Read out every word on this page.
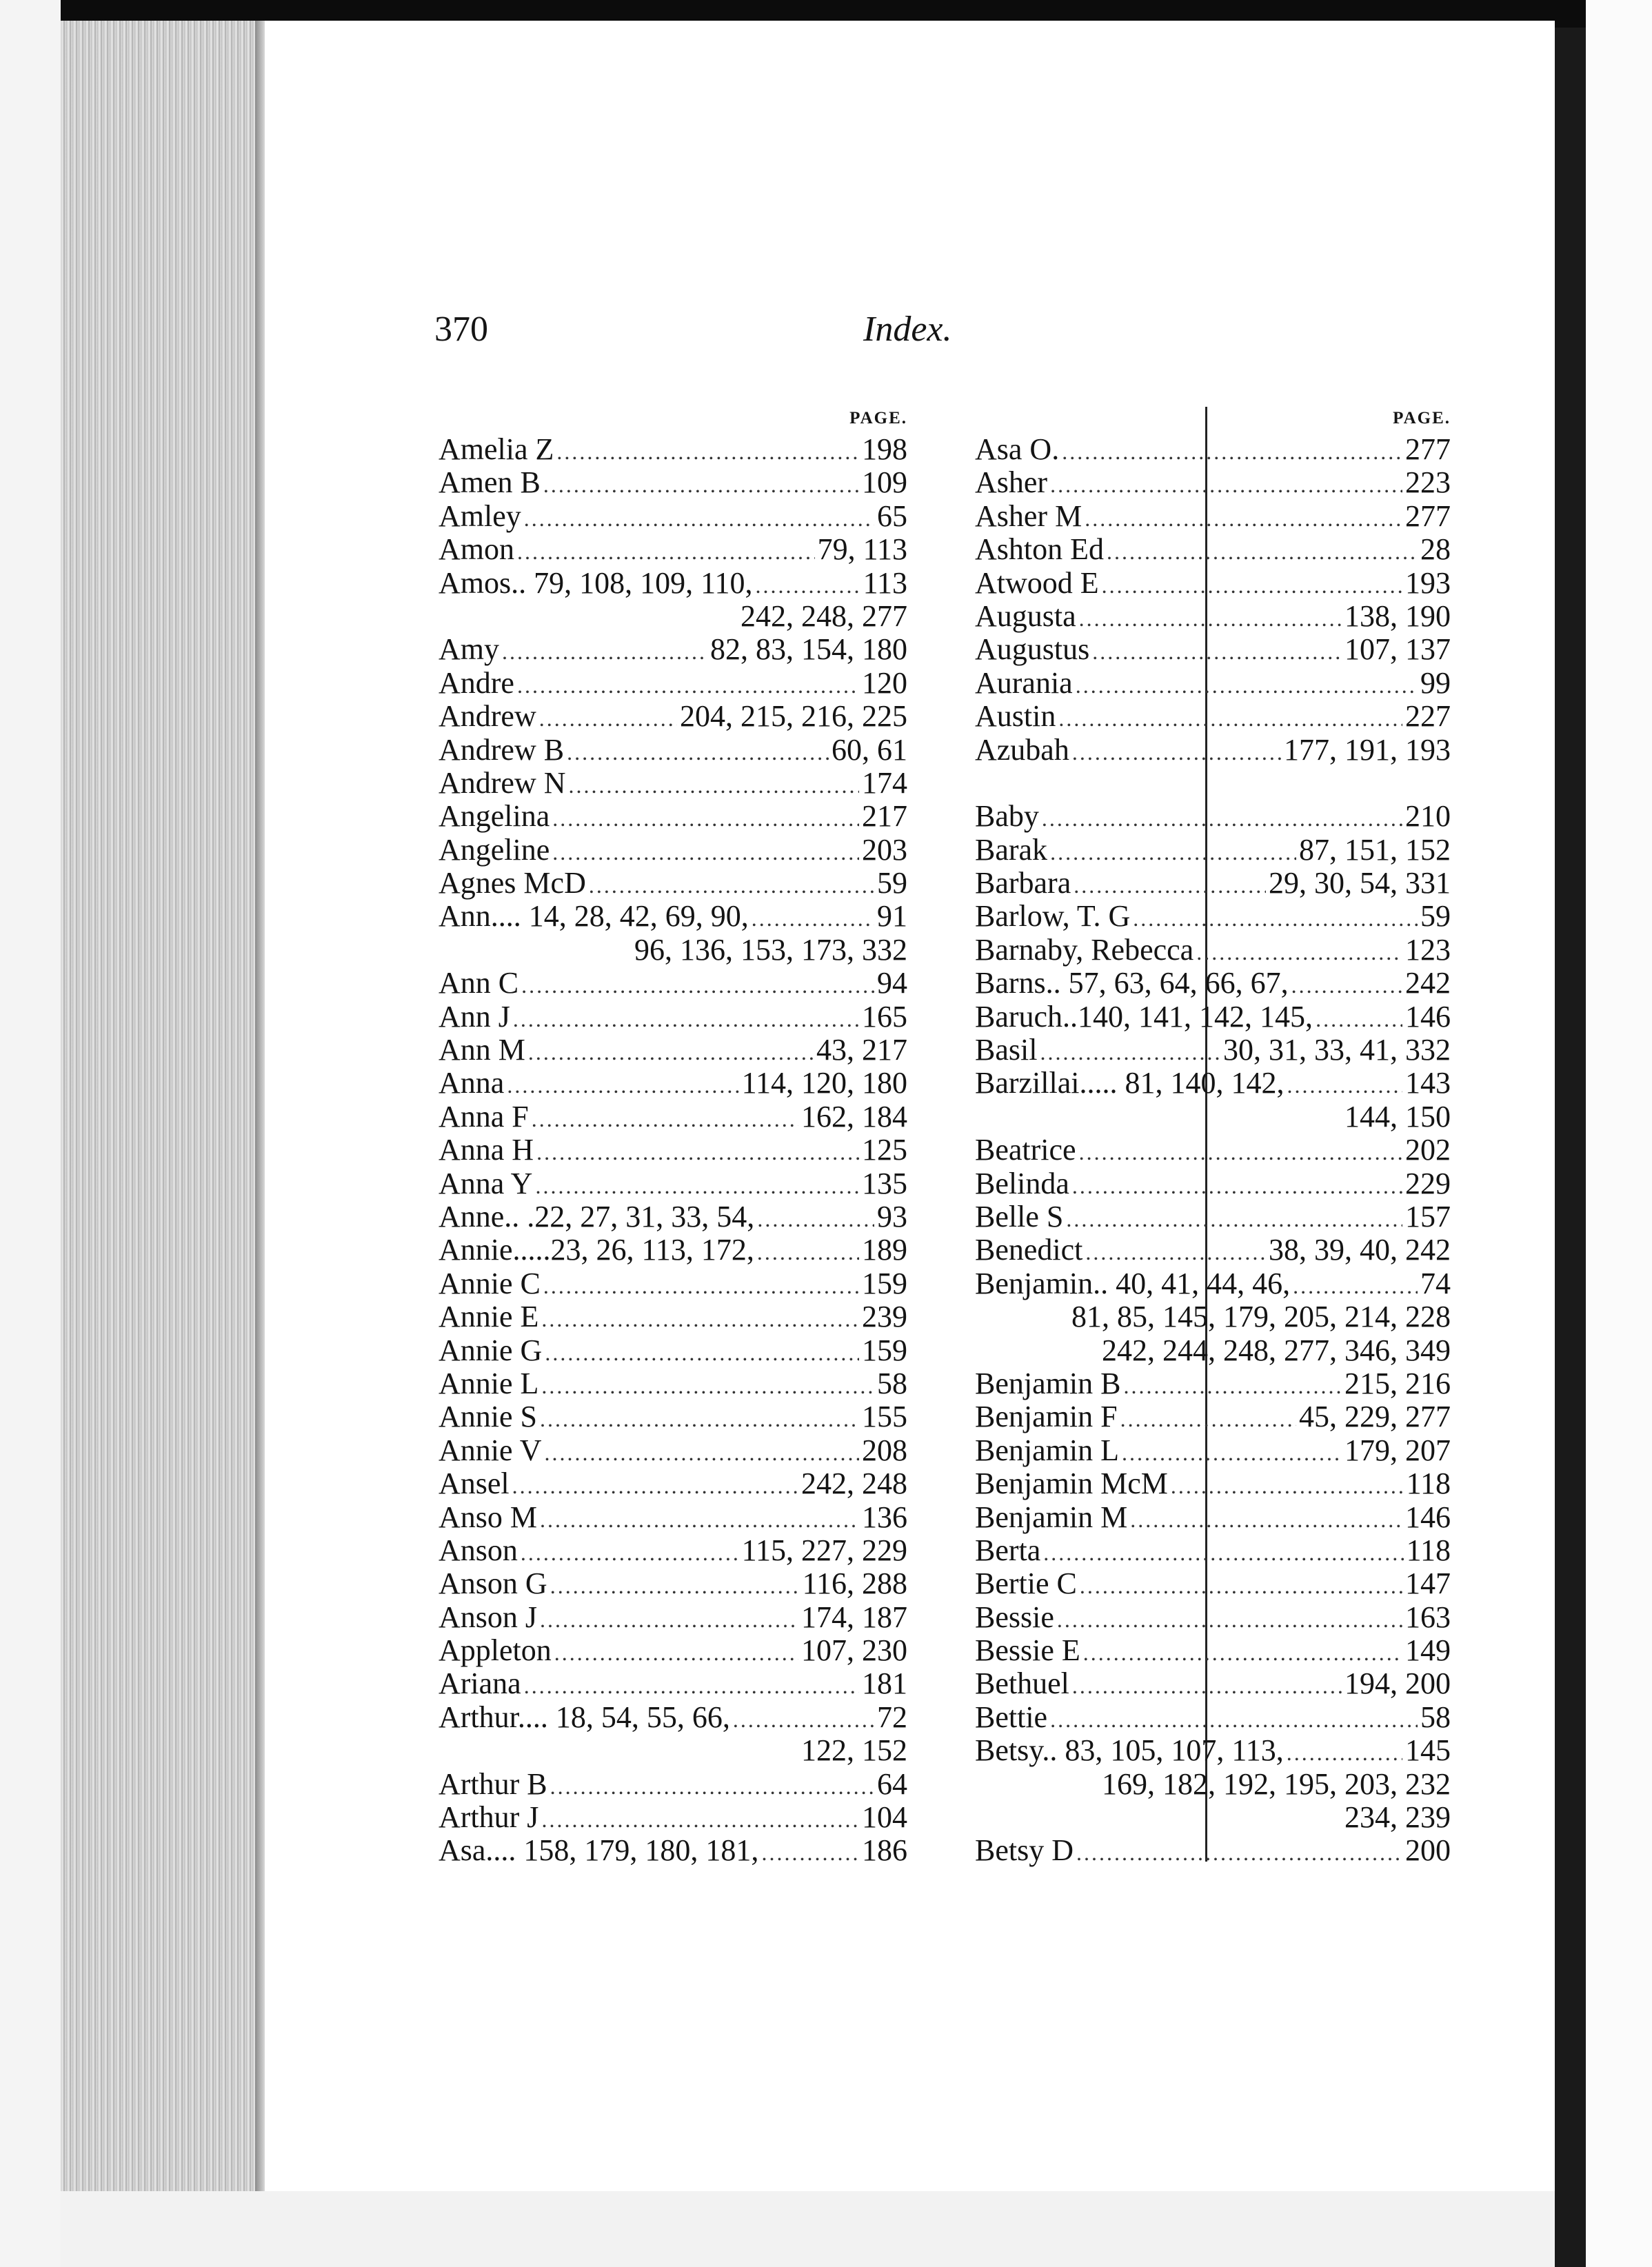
370	Index.
PAGE.
Amelia Z .....	198
Amen B .....	109
Amley .....	65
Amon .....	79, 113
Amos.. 79, 108, 109, 110, .....	113
242, 248, 277
Amy .....	82, 83, 154, 180
Andre .....	120
Andrew .....	204, 215, 216, 225
Andrew B .....	60, 61
Andrew N .....	174
Angelina .....	217
Angeline .....	203
Agnes McD .....	59
Ann.... 14, 28, 42, 69, 90, .....	91
96, 136, 153, 173, 332
Ann C .....	94
Ann J .....	165
Ann M .....	43, 217
Anna .....	114, 120, 180
Anna F .....	162, 184
Anna H .....	125
Anna Y .....	135
Anne.. .22, 27, 31, 33, 54, .....	93
Annie.....23, 26, 113, 172, .....	189
Annie C .....	159
Annie E .....	239
Annie G .....	159
Annie L .....	58
Annie S .....	155
Annie V .....	208
Ansel .....	242, 248
Anso M .....	136
Anson .....	115, 227, 229
Anson G .....	116, 288
Anson J .....	174, 187
Appleton .....	107, 230
Ariana .....	181
Arthur.... 18, 54, 55, 66, .....	72
122, 152
Arthur B .....	64
Arthur J .....	104
Asa.... 158, 179, 180, 181, .....	186
PAGE.
Asa O. .....	277
Asher .....	223
Asher M .....	277
Ashton Ed .....	28
Atwood E .....	193
Augusta .....	138, 190
Augustus .....	107, 137
Aurania .....	99
Austin .....	227
Azubah .....	177, 191, 193
Baby .....	210
Barak .....	87, 151, 152
Barbara .....	29, 30, 54, 331
Barlow, T. G .....	59
Barnaby, Rebecca .....	123
Barns.. 57, 63, 64, 66, 67, .....	242
Baruch..140, 141, 142, 145, .....	146
Basil .....	30, 31, 33, 41, 332
Barzillai..... 81, 140, 142, .....	143
144, 150
Beatrice .....	202
Belinda .....	229
Belle S .....	157
Benedict .....	38, 39, 40, 242
Benjamin.. 40, 41, 44, 46, .....	74
81, 85, 145, 179, 205, 214, 228
242, 244, 248, 277, 346, 349
Benjamin B .....	215, 216
Benjamin F .....	45, 229, 277
Benjamin L .....	179, 207
Benjamin McM .....	118
Benjamin M .....	146
Berta .....	118
Bertie C .....	147
Bessie .....	163
Bessie E .....	149
Bethuel .....	194, 200
Bettie .....	58
Betsy.. 83, 105, 107, 113, .....	145
169, 182, 192, 195, 203, 232
234, 239
Betsy D .....	200
